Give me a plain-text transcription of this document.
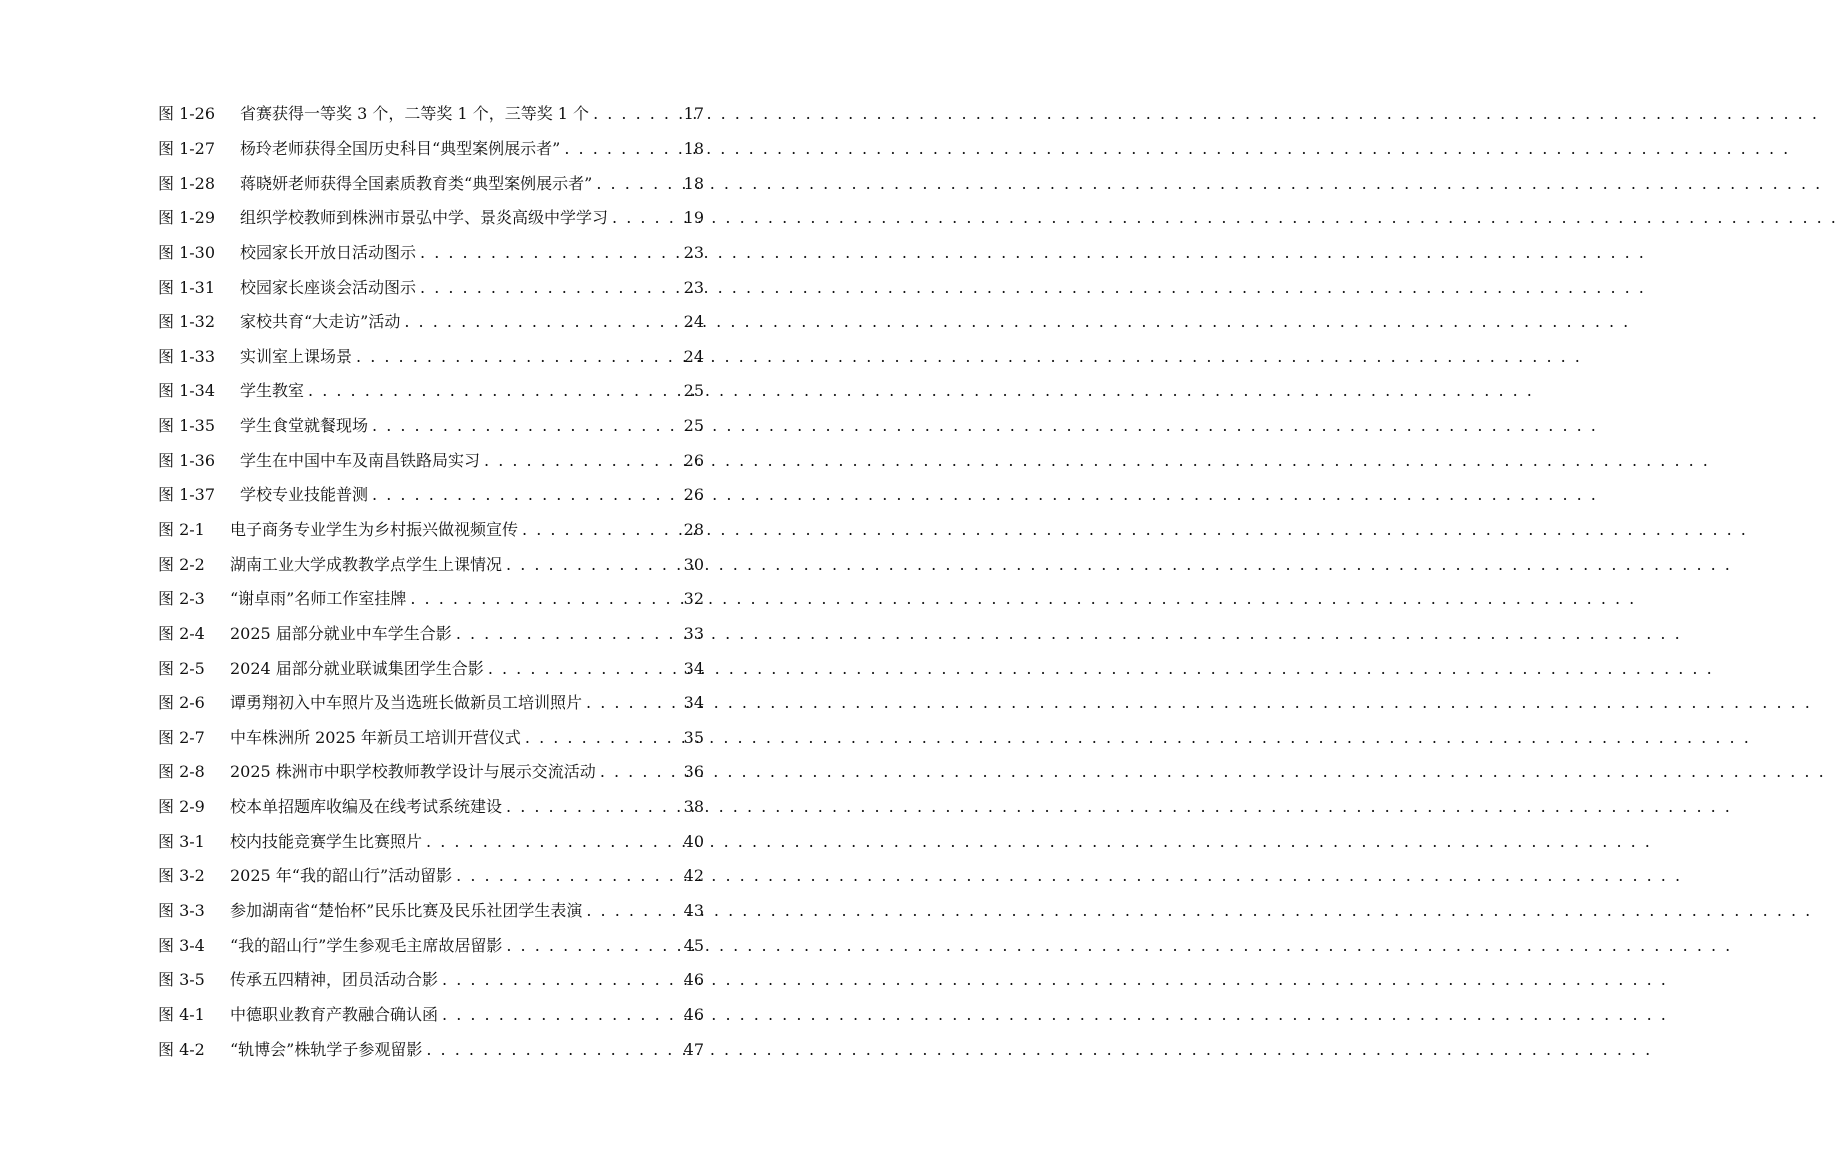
图 1-26	省赛获得一等奖 3 个，二等奖 1 个，三等奖 1 个 . . .	17
图 1-27	杨玲老师获得全国历史科目“典型案例展示者” . . .	18
图 1-28	蒋晓妍老师获得全国素质教育类“典型案例展示者” . . .	18
图 1-29	组织学校教师到株洲市景弘中学、景炎高级中学学习 . . .	19
图 1-30	校园家长开放日活动图示 . . .	23
图 1-31	校园家长座谈会活动图示 . . .	23
图 1-32	家校共育“大走访”活动 . . .	24
图 1-33	实训室上课场景 . . .	24
图 1-34	学生教室 . . .	25
图 1-35	学生食堂就餐现场 . . .	25
图 1-36	学生在中国中车及南昌铁路局实习 . . .	26
图 1-37	学校专业技能普测 . . .	26
图 2-1	电子商务专业学生为乡村振兴做视频宣传 . . .	28
图 2-2	湖南工业大学成教教学点学生上课情况 . . .	30
图 2-3	“谢卓雨”名师工作室挂牌 . . .	32
图 2-4	2025 届部分就业中车学生合影 . . .	33
图 2-5	2024 届部分就业联诚集团学生合影 . . .	34
图 2-6	谭勇翔初入中车照片及当选班长做新员工培训照片 . . .	34
图 2-7	中车株洲所 2025 年新员工培训开营仪式 . . .	35
图 2-8	2025 株洲市中职学校教师教学设计与展示交流活动 . . .	36
图 2-9	校本单招题库收编及在线考试系统建设 . . .	38
图 3-1	校内技能竞赛学生比赛照片 . . .	40
图 3-2	2025 年“我的韶山行”活动留影 . . .	42
图 3-3	参加湖南省“楚怡杯”民乐比赛及民乐社团学生表演 . . .	43
图 3-4	“我的韶山行”学生参观毛主席故居留影 . . .	45
图 3-5	传承五四精神，团员活动合影 . . .	46
图 4-1	中德职业教育产教融合确认函 . . .	46
图 4-2	“轨博会”株轨学子参观留影 . . .	47
